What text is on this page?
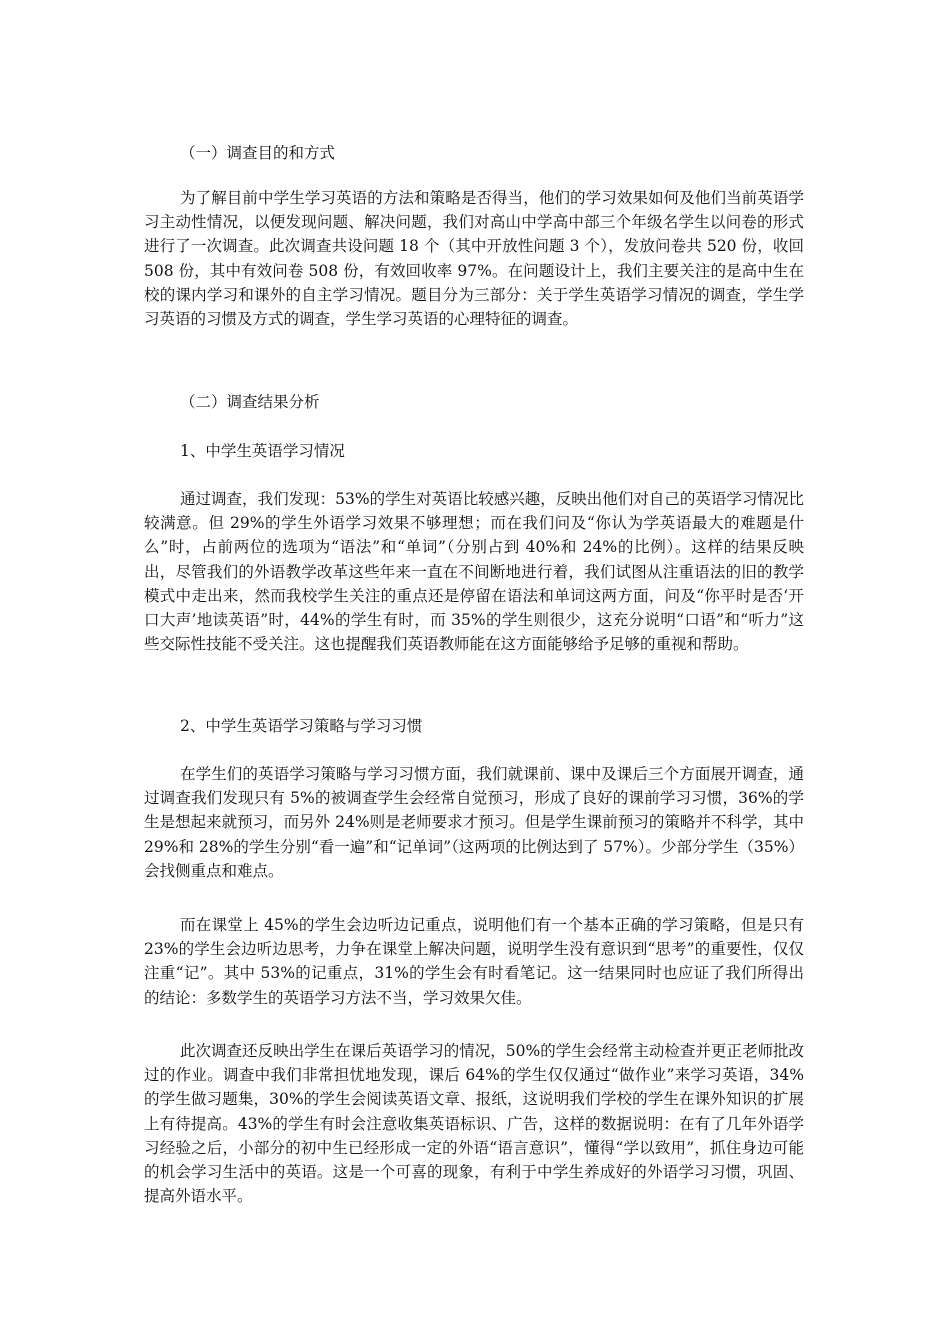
（一）调查目的和方式

为了解目前中学生学习英语的方法和策略是否得当，他们的学习效果如何及他们当前英语学习主动性情况，以便发现问题、解决问题，我们对高山中学高中部三个年级名学生以问卷的形式进行了一次调查。此次调查共设问题 18 个（其中开放性问题 3 个），发放问卷共 520 份，收回 508 份，其中有效问卷 508 份，有效回收率 97%。在问题设计上，我们主要关注的是高中生在校的课内学习和课外的自主学习情况。题目分为三部分：关于学生英语学习情况的调查，学生学习英语的习惯及方式的调查，学生学习英语的心理特征的调查。

（二）调查结果分析

1、中学生英语学习情况

通过调查，我们发现：53%的学生对英语比较感兴趣，反映出他们对自己的英语学习情况比较满意。但 29%的学生外语学习效果不够理想；而在我们问及“你认为学英语最大的难题是什么”时，占前两位的选项为“语法”和“单词”（分别占到 40%和 24%的比例）。这样的结果反映出，尽管我们的外语教学改革这些年来一直在不间断地进行着，我们试图从注重语法的旧的教学模式中走出来，然而我校学生关注的重点还是停留在语法和单词这两方面，问及“你平时是否‘开口大声’地读英语”时，44%的学生有时，而 35%的学生则很少，这充分说明“口语”和“听力”这些交际性技能不受关注。这也提醒我们英语教师能在这方面能够给予足够的重视和帮助。

2、中学生英语学习策略与学习习惯

在学生们的英语学习策略与学习习惯方面，我们就课前、课中及课后三个方面展开调查，通过调查我们发现只有 5%的被调查学生会经常自觉预习，形成了良好的课前学习习惯，36%的学生是想起来就预习，而另外 24%则是老师要求才预习。但是学生课前预习的策略并不科学，其中 29%和 28%的学生分别“看一遍”和“记单词”（这两项的比例达到了 57%）。少部分学生（35%）会找侧重点和难点。

而在课堂上 45%的学生会边听边记重点，说明他们有一个基本正确的学习策略，但是只有 23%的学生会边听边思考，力争在课堂上解决问题，说明学生没有意识到“思考”的重要性，仅仅注重“记”。其中 53%的记重点，31%的学生会有时看笔记。这一结果同时也应证了我们所得出的结论：多数学生的英语学习方法不当，学习效果欠佳。

此次调查还反映出学生在课后英语学习的情况，50%的学生会经常主动检查并更正老师批改过的作业。调查中我们非常担忧地发现，课后 64%的学生仅仅通过“做作业”来学习英语，34%的学生做习题集，30%的学生会阅读英语文章、报纸，这说明我们学校的学生在课外知识的扩展上有待提高。43%的学生有时会注意收集英语标识、广告，这样的数据说明：在有了几年外语学习经验之后，小部分的初中生已经形成一定的外语“语言意识”，懂得“学以致用”，抓住身边可能的机会学习生活中的英语。这是一个可喜的现象，有利于中学生养成好的外语学习习惯，巩固、提高外语水平。
